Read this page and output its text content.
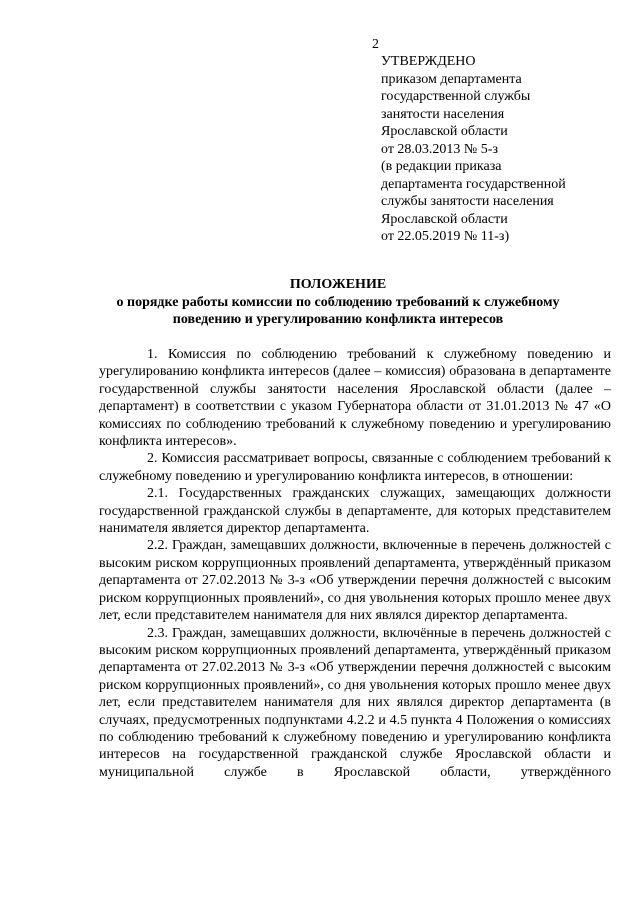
2
УТВЕРЖДЕНО
приказом департамента
государственной службы
занятости населения
Ярославской области
от 28.03.2013 № 5-з
(в редакции приказа
департамента государственной
службы занятости населения
Ярославской области
от 22.05.2019 № 11-з)
ПОЛОЖЕНИЕ
о порядке работы комиссии по соблюдению требований к служебному
поведению и урегулированию конфликта интересов

1. Комиссия по соблюдению требований к служебному поведению и урегулированию конфликта интересов (далее – комиссия) образована в департаменте государственной службы занятости населения Ярославской области (далее – департамент) в соответствии с указом Губернатора области от 31.01.2013 № 47 «О комиссиях по соблюдению требований к служебному поведению и урегулированию конфликта интересов».

2. Комиссия рассматривает вопросы, связанные с соблюдением требований к служебному поведению и урегулированию конфликта интересов, в отношении:

2.1. Государственных гражданских служащих, замещающих должности государственной гражданской службы в департаменте, для которых представителем нанимателя является директор департамента.

2.2. Граждан, замещавших должности, включенные в перечень должностей с высоким риском коррупционных проявлений департамента, утверждённый приказом департамента от 27.02.2013 № 3-з «Об утверждении перечня должностей с высоким риском коррупционных проявлений», со дня увольнения которых прошло менее двух лет, если представителем нанимателя для них являлся директор департамента.

2.3. Граждан, замещавших должности, включённые в перечень должностей с высоким риском коррупционных проявлений департамента, утверждённый приказом департамента от 27.02.2013 № 3-з «Об утверждении перечня должностей с высоким риском коррупционных проявлений», со дня увольнения которых прошло менее двух лет, если представителем нанимателя для них являлся директор департамента (в случаях, предусмотренных подпунктами 4.2.2 и 4.5 пункта 4 Положения о комиссиях по соблюдению требований к служебному поведению и урегулированию конфликта интересов на государственной гражданской службе Ярославской области и муниципальной службе в Ярославской области, утверждённого
